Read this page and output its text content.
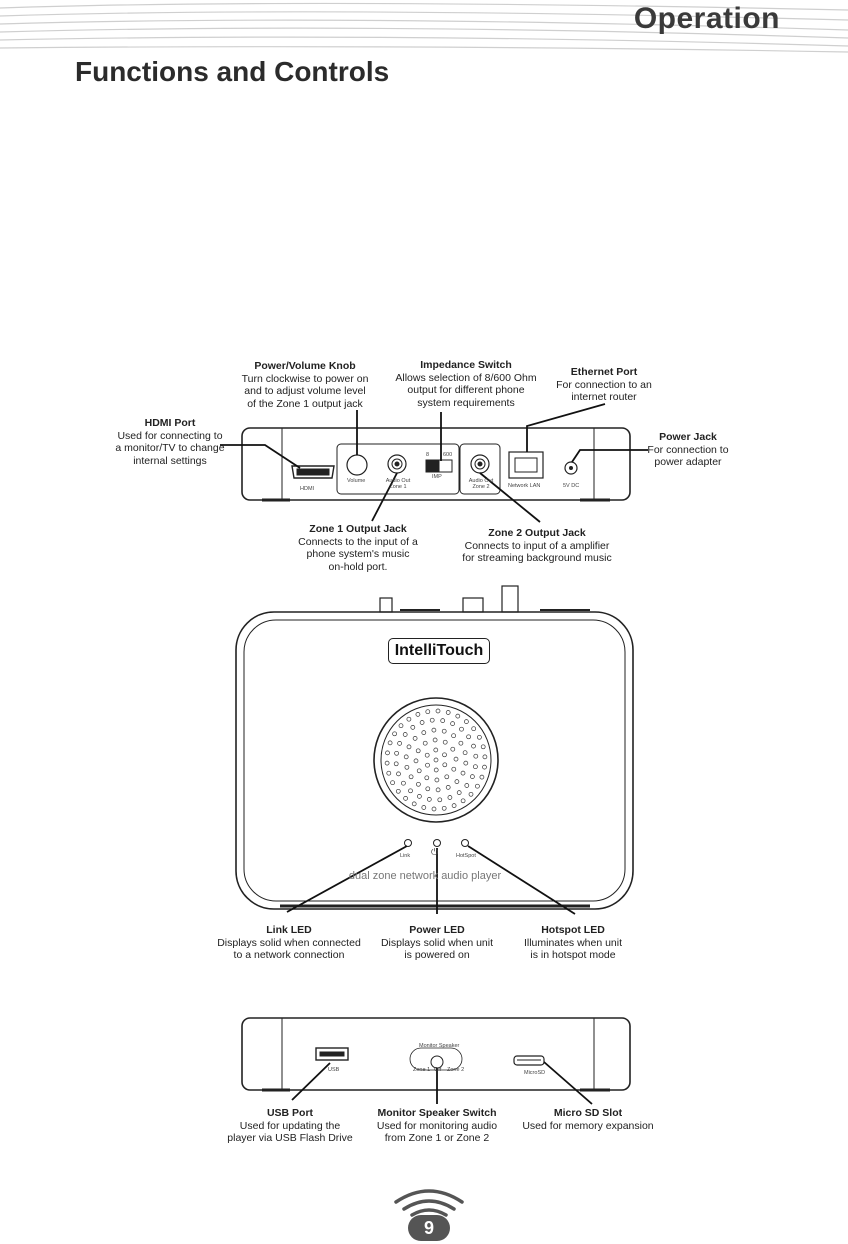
Operation
Functions and Controls
HDMI
Volume	Audio Out
Zone 1
8	600
IMP
Audio Out
Zone 2	Network LAN	5V DC
Power/Volume Knob
Turn clockwise to power on
and to adjust volume level
of the Zone 1 output jack
Impedance Switch
Allows selection of 8/600 Ohm
output for different phone
system requirements
Ethernet Port
For connection to an
internet router
HDMI Port
Used for connecting to
a monitor/TV to change
internal settings
Power Jack
For connection to
power adapter
Zone 1 Output Jack
Connects to the input of a
phone system's music
on-hold port.
Zone 2 Output Jack
Connects to input of a amplifier
for streaming background music
IntelliTouch
Link ⏻	HotSpot
dual zone network audio player
Link LED
Displays solid when connected
to a network connection
Power LED
Displays solid when unit
is powered on
Hotspot LED
Illuminates when unit
is in hotspot mode
USB
Monitor Speaker
Zone 1 Off Zone 2	MicroSD
USB Port
Used for updating the
player via USB Flash Drive
Monitor Speaker Switch
Used for monitoring audio
from Zone 1 or Zone 2
Micro SD Slot
Used for memory expansion
9
